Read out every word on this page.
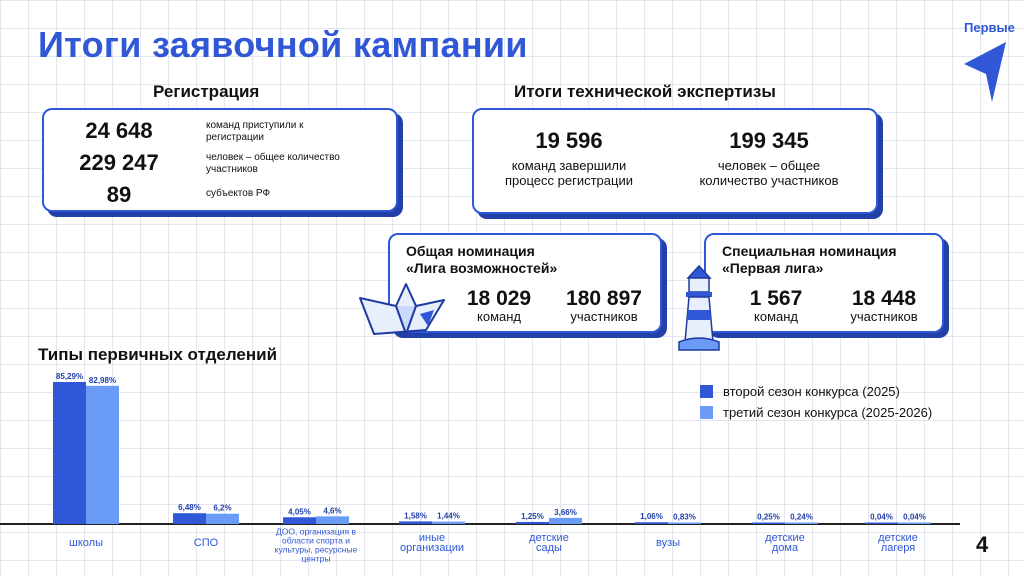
Итоги заявочной кампании	Первые
Регистрация
24 648	команд приступили к регистрации
229 247	человек – общее количество участников
89	субъектов РФ
Итоги технической экспертизы
19 596
команд завершили процесс регистрации
199 345
человек – общее количество участников
Общая номинация
«Лига возможностей»
18 029
команд
180 897
участников
Специальная номинация
«Первая лига»
1 567
команд
18 448
участников
Типы первичных отделений
второй сезон конкурса (2025)
третий сезон конкурса (2025-2026)
85,29% 82,98%
школы
6,48% 6,2%
СПО
4,05% 4,6%
ДОО, организация в области спорта и культуры, ресурсные центры
1,58% 1,44%
иные организации
1,25% 3,66%
детские сады
1,06% 0,83%
вузы
0,25% 0,24%
детские дома
0,04% 0,04%
детские лагеря	4
